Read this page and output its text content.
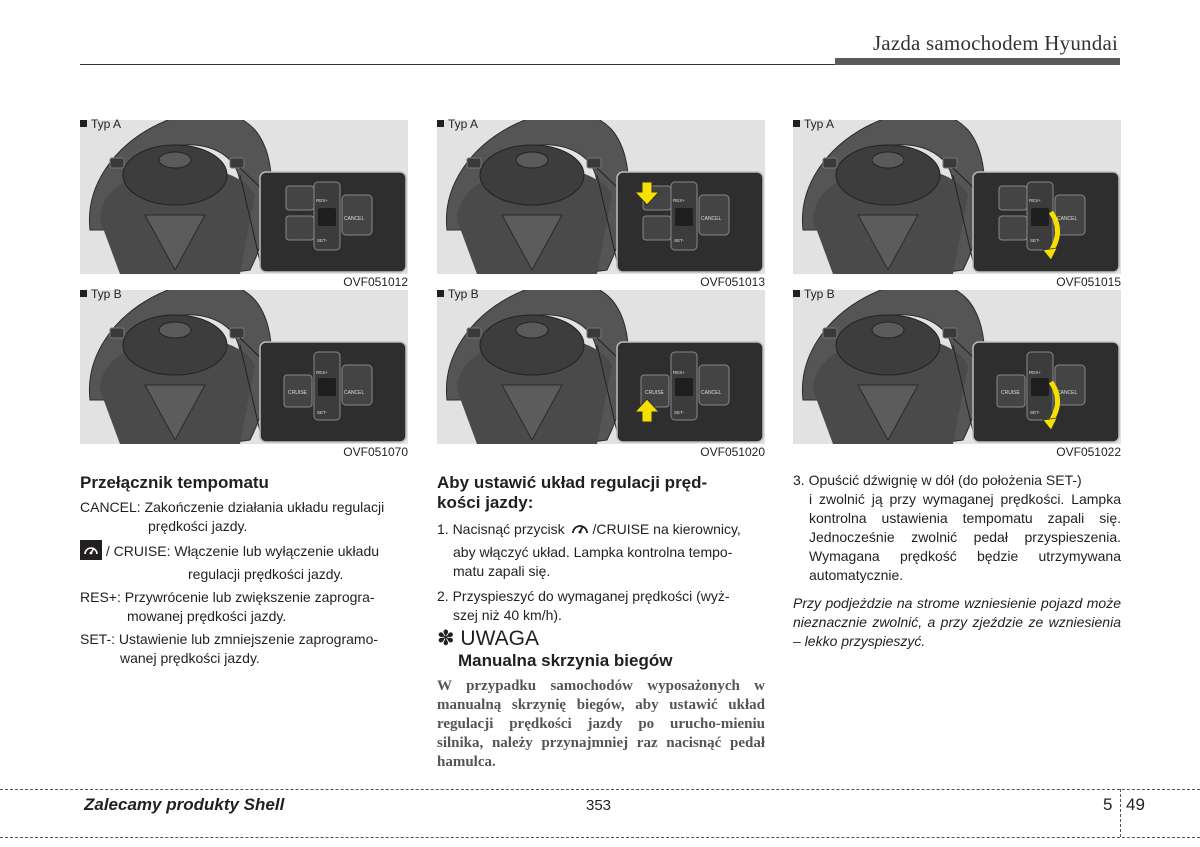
Jazda samochodem Hyundai
CANCEL
RES+
SET-
Typ A
OVF051012
CRUISE	CANCEL
RES+
SET-
Typ B
OVF051070
CANCEL
RES+
SET-
Typ A
OVF051013
CRUISE	CANCEL
RES+
SET-
Typ B
OVF051020
CANCEL
RES+
SET-
Typ A
OVF051015
CRUISE	CANCEL
RES+
SET-
Typ B
OVF051022
Przełącznik tempomatu
CANCEL: Zakończenie działania układu regulacji
prędkości jazdy.
/ CRUISE: Włączenie lub wyłączenie układu
regulacji prędkości jazdy.
RES+: Przywrócenie lub zwiększenie zaprogra-
mowanej prędkości jazdy.
SET-: Ustawienie lub zmniejszenie zaprogramo-
wanej prędkości jazdy.
Aby ustawić układ regulacji pręd-
kości jazdy:
1. Nacisnąć przycisk /CRUISE na kierownicy,
aby włączyć układ. Lampka kontrolna tempo-
matu zapali się.
2. Przyspieszyć do wymaganej prędkości (wyż-
szej niż 40 km/h).
✽ UWAGA
Manualna skrzynia biegów
W przypadku samochodów wyposażonych w manualną skrzynię biegów, aby ustawić układ regulacji prędkości jazdy po urucho-mieniu silnika, należy przynajmniej raz nacisnąć pedał hamulca.
3. Opuścić dźwignię w dół (do położenia SET-)
i zwolnić ją przy wymaganej prędkości. Lampka kontrolna ustawienia tempomatu zapali się. Jednocześnie zwolnić pedał przyspieszenia. Wymagana prędkość będzie utrzymywana automatycznie.
Przy podjeżdzie na strome wzniesienie pojazd może nieznacznie zwolnić, a przy zjeździe ze wzniesienia – lekko przyspieszyć.
Zalecamy produkty Shell	353	5 49
